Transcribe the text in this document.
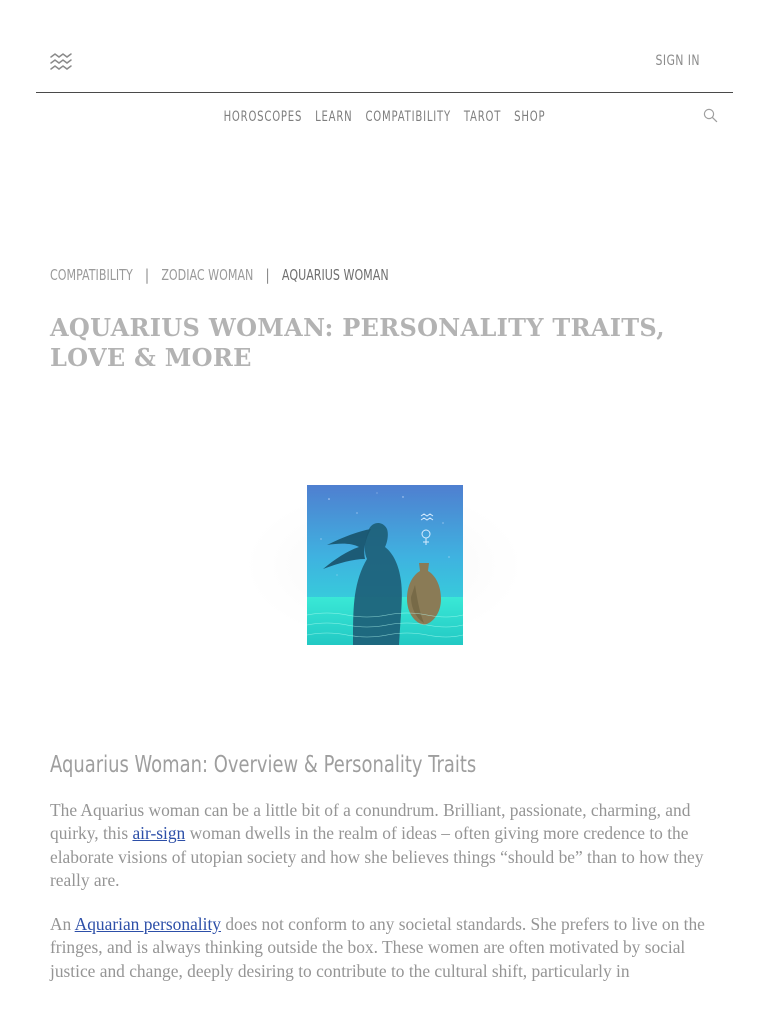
SIGN IN
HOROSCOPES LEARN COMPATIBILITY TAROT SHOP
COMPATIBILITY | ZODIAC WOMAN | AQUARIUS WOMAN
AQUARIUS WOMAN: PERSONALITY TRAITS, LOVE & MORE
Aquarius Woman: Overview & Personality Traits

The Aquarius woman can be a little bit of a conundrum. Brilliant, passionate, charming, and quirky, this air-sign woman dwells in the realm of ideas – often giving more credence to the elaborate visions of utopian society and how she believes things “should be” than to how they really are.

An Aquarian personality does not conform to any societal standards. She prefers to live on the fringes, and is always thinking outside the box. These women are often motivated by social justice and change, deeply desiring to contribute to the cultural shift, particularly in
